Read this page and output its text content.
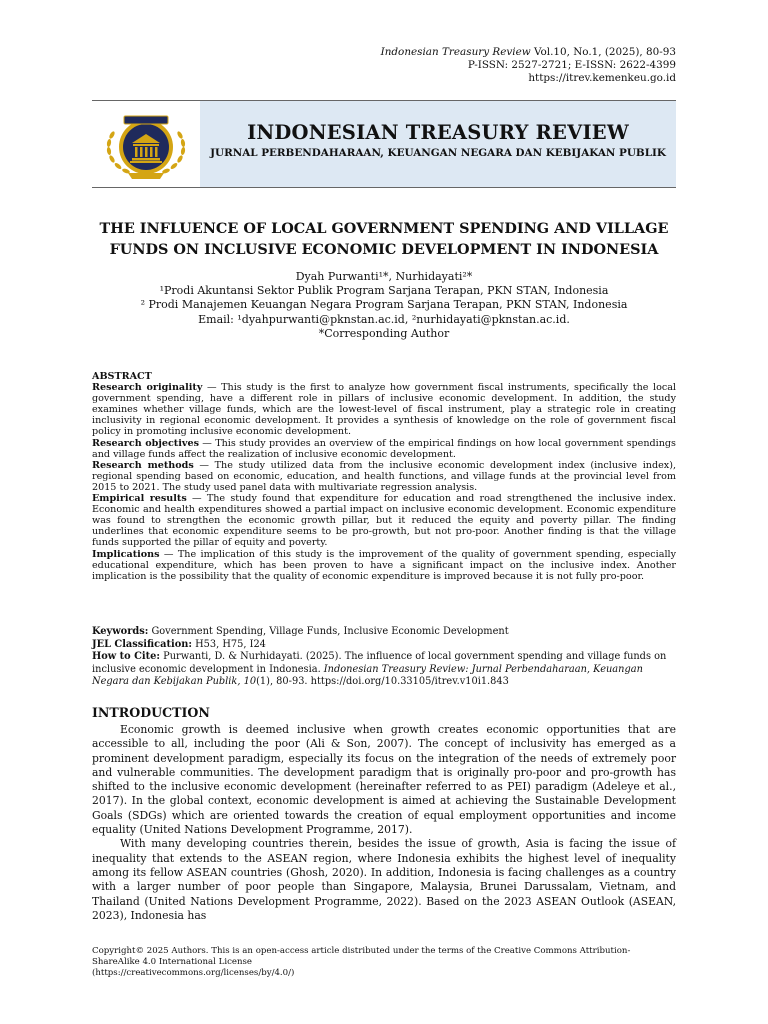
Indonesian Treasury Review Vol.10, No.1, (2025), 80-93
P-ISSN: 2527-2721; E-ISSN: 2622-4399
https://itrev.kemenkeu.go.id
INDONESIAN TREASURY REVIEW
JURNAL PERBENDAHARAAN, KEUANGAN NEGARA DAN KEBIJAKAN PUBLIK
THE INFLUENCE OF LOCAL GOVERNMENT SPENDING AND VILLAGE
FUNDS ON INCLUSIVE ECONOMIC DEVELOPMENT IN INDONESIA
Dyah Purwanti¹*, Nurhidayati²*
¹Prodi Akuntansi Sektor Publik Program Sarjana Terapan, PKN STAN, Indonesia
² Prodi Manajemen Keuangan Negara Program Sarjana Terapan, PKN STAN, Indonesia
Email: ¹dyahpurwanti@pknstan.ac.id, ²nurhidayati@pknstan.ac.id.
*Corresponding Author

ABSTRACT

Research originality — This study is the first to analyze how government fiscal instruments, specifically the local government spending, have a different role in pillars of inclusive economic development. In addition, the study examines whether village funds, which are the lowest-level of fiscal instrument, play a strategic role in creating inclusivity in regional economic development. It provides a synthesis of knowledge on the role of government fiscal policy in promoting inclusive economic development.

Research objectives — This study provides an overview of the empirical findings on how local government spendings and village funds affect the realization of inclusive economic development.

Research methods — The study utilized data from the inclusive economic development index (inclusive index), regional spending based on economic, education, and health functions, and village funds at the provincial level from 2015 to 2021. The study used panel data with multivariate regression analysis.

Empirical results — The study found that expenditure for education and road strengthened the inclusive index. Economic and health expenditures showed a partial impact on inclusive economic development. Economic expenditure was found to strengthen the economic growth pillar, but it reduced the equity and poverty pillar. The finding underlines that economic expenditure seems to be pro-growth, but not pro-poor. Another finding is that the village funds supported the pillar of equity and poverty.

Implications — The implication of this study is the improvement of the quality of government spending, especially educational expenditure, which has been proven to have a significant impact on the inclusive index. Another implication is the possibility that the quality of economic expenditure is improved because it is not fully pro-poor.

Keywords: Government Spending, Village Funds, Inclusive Economic Development

JEL Classification: H53, H75, I24

How to Cite: Purwanti, D. & Nurhidayati. (2025). The influence of local government spending and village funds on inclusive economic development in Indonesia. Indonesian Treasury Review: Jurnal Perbendaharaan, Keuangan Negara dan Kebijakan Publik, 10(1), 80-93. https://doi.org/10.33105/itrev.v10i1.843

INTRODUCTION

Economic growth is deemed inclusive when growth creates economic opportunities that are accessible to all, including the poor (Ali & Son, 2007). The concept of inclusivity has emerged as a prominent development paradigm, especially its focus on the integration of the needs of extremely poor and vulnerable communities. The development paradigm that is originally pro-poor and pro-growth has shifted to the inclusive economic development (hereinafter referred to as PEI) paradigm (Adeleye et al., 2017). In the global context, economic development is aimed at achieving the Sustainable Development Goals (SDGs) which are oriented towards the creation of equal employment opportunities and income equality (United Nations Development Programme, 2017).

With many developing countries therein, besides the issue of growth, Asia is facing the issue of inequality that extends to the ASEAN region, where Indonesia exhibits the highest level of inequality among its fellow ASEAN countries (Ghosh, 2020). In addition, Indonesia is facing challenges as a country with a larger number of poor people than Singapore, Malaysia, Brunei Darussalam, Vietnam, and Thailand (United Nations Development Programme, 2022). Based on the 2023 ASEAN Outlook (ASEAN, 2023), Indonesia has

Copyright© 2025 Authors. This is an open-access article distributed under the terms of the Creative Commons Attribution-

ShareAlike 4.0 International License

(https://creativecommons.org/licenses/by/4.0/)
